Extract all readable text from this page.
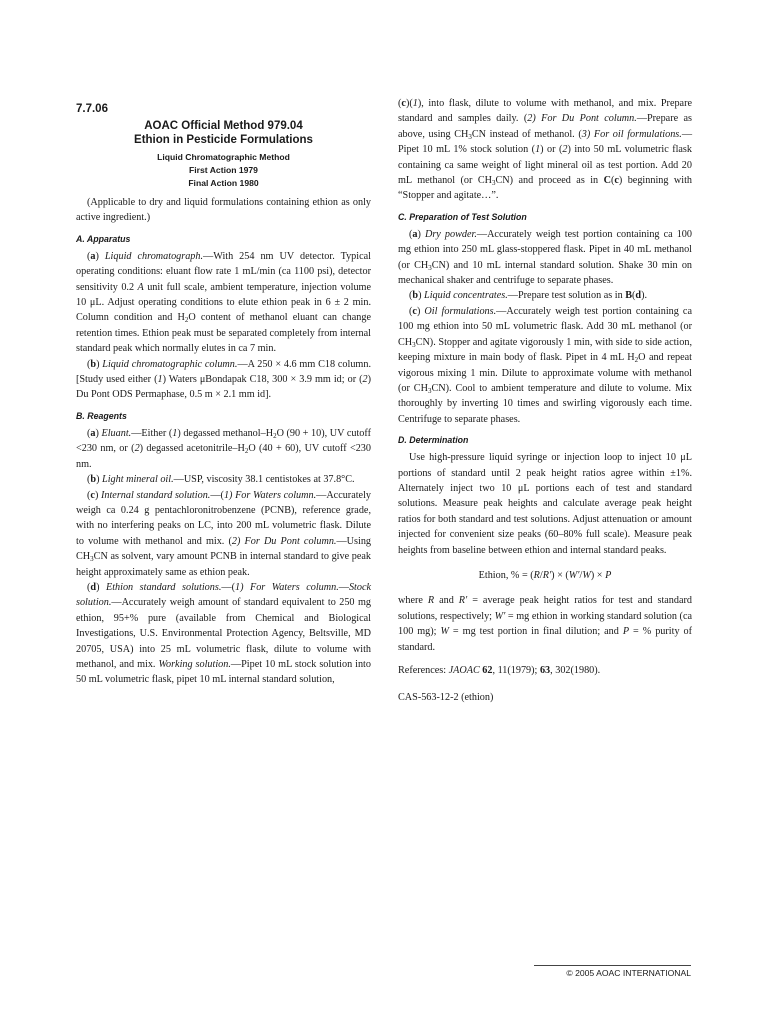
7.7.06
AOAC Official Method 979.04
Ethion in Pesticide Formulations
Liquid Chromatographic Method
First Action 1979
Final Action 1980

(Applicable to dry and liquid formulations containing ethion as only active ingredient.)

A. Apparatus

(a) Liquid chromatograph.—With 254 nm UV detector. Typical operating conditions: eluant flow rate 1 mL/min (ca 1100 psi), detector sensitivity 0.2 A unit full scale, ambient temperature, injection volume 10 μL. Adjust operating conditions to elute ethion peak in 6 ± 2 min. Column condition and $H_2O$ content of methanol eluant can change retention times. Ethion peak must be separated completely from internal standard peak which normally elutes in ca 7 min.

(b) Liquid chromatographic column.—A 250 × 4.6 mm C18 column. [Study used either (1) Waters μBondapak C18, 300 × 3.9 mm id; or (2) Du Pont ODS Permaphase, 0.5 m × 2.1 mm id].

B. Reagents

(a) Eluant.—Either (1) degassed methanol–$H_2O$ (90 + 10), UV cutoff <230 nm, or (2) degassed acetonitrile–$H_2O$ (40 + 60), UV cutoff <230 nm.

(b) Light mineral oil.—USP, viscosity 38.1 centistokes at 37.8°C.

(c) Internal standard solution.—(1) For Waters column.—Accurately weigh ca 0.24 g pentachloronitrobenzene (PCNB), reference grade, with no interfering peaks on LC, into 200 mL volumetric flask. Dilute to volume with methanol and mix. (2) For Du Pont column.—Using $CH_3CN$ as solvent, vary amount PCNB in internal standard to give peak height approximately same as ethion peak.

(d) Ethion standard solutions.—(1) For Waters column.—Stock solution.—Accurately weigh amount of standard equivalent to 250 mg ethion, 95+% pure (available from Chemical and Biological Investigations, U.S. Environmental Protection Agency, Beltsville, MD 20705, USA) into 25 mL volumetric flask, dilute to volume with methanol, and mix. Working solution.—Pipet 10 mL stock solution into 50 mL volumetric flask, pipet 10 mL internal standard solution,

(c)(1), into flask, dilute to volume with methanol, and mix. Prepare standard and samples daily. (2) For Du Pont column.—Prepare as above, using $CH_3CN$ instead of methanol. (3) For oil formulations.—Pipet 10 mL 1% stock solution (1) or (2) into 50 mL volumetric flask containing ca same weight of light mineral oil as test portion. Add 20 mL methanol (or $CH_3CN$) and proceed as in C(c) beginning with “Stopper and agitate…”.

C. Preparation of Test Solution

(a) Dry powder.—Accurately weigh test portion containing ca 100 mg ethion into 250 mL glass-stoppered flask. Pipet in 40 mL methanol (or $CH_3CN$) and 10 mL internal standard solution. Shake 30 min on mechanical shaker and centrifuge to separate phases.

(b) Liquid concentrates.—Prepare test solution as in B(d).

(c) Oil formulations.—Accurately weigh test portion containing ca 100 mg ethion into 50 mL volumetric flask. Add 30 mL methanol (or $CH_3CN$). Stopper and agitate vigorously 1 min, with side to side action, keeping mixture in main body of flask. Pipet in 4 mL $H_2O$ and repeat vigorous mixing 1 min. Dilute to approximate volume with methanol (or $CH_3CN$). Cool to ambient temperature and dilute to volume. Mix thoroughly by inverting 10 times and swirling vigorously each time. Centrifuge to separate phases.

D. Determination

Use high-pressure liquid syringe or injection loop to inject 10 μL portions of standard until 2 peak height ratios agree within ±1%. Alternately inject two 10 μL portions each of test and standard solutions. Measure peak heights and calculate average peak height ratios for both standard and test solutions. Adjust attenuation or amount injected for convenient size peaks (60–80% full scale). Measure peak heights from baseline between ethion and internal standard peaks.

Ethion, % = (R/R′) × (W′/W) × P

where R and R′ = average peak height ratios for test and standard solutions, respectively; W′ = mg ethion in working standard solution (ca 100 mg); W = mg test portion in final dilution; and P = % purity of standard.

References: JAOAC 62, 11(1979); 63, 302(1980).

CAS-563-12-2 (ethion)

© 2005 AOAC INTERNATIONAL
